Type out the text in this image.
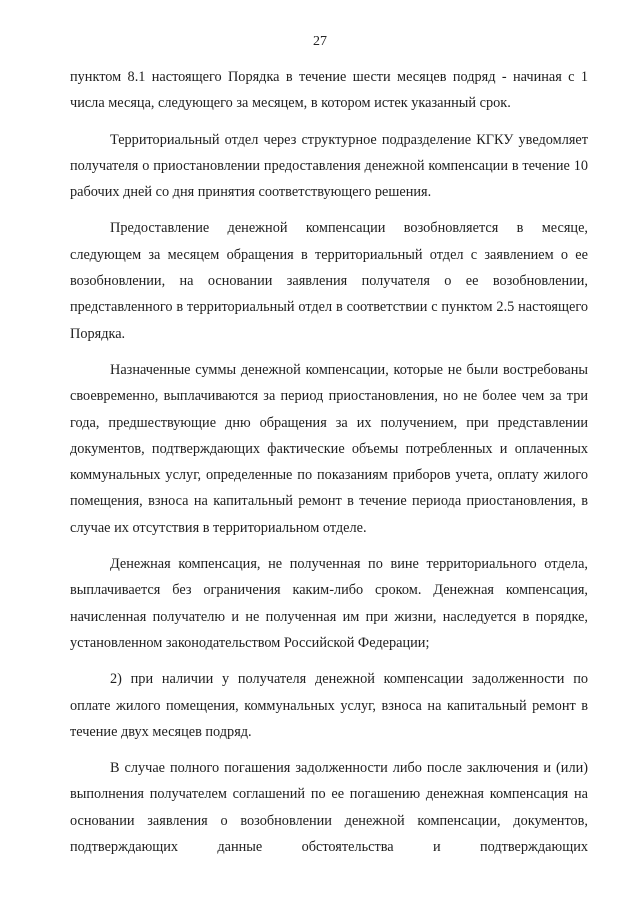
27

пунктом 8.1 настоящего Порядка в течение шести месяцев подряд - начиная с 1 числа месяца, следующего за месяцем, в котором истек указанный срок.

Территориальный отдел через структурное подразделение КГКУ уведомляет получателя о приостановлении предоставления денежной компенсации в течение 10 рабочих дней со дня принятия соответствующего решения.

Предоставление денежной компенсации возобновляется в месяце, следующем за месяцем обращения в территориальный отдел с заявлением о ее возобновлении, на основании заявления получателя о ее возобновлении, представленного в территориальный отдел в соответствии с пунктом 2.5 настоящего Порядка.

Назначенные суммы денежной компенсации, которые не были востребованы своевременно, выплачиваются за период приостановления, но не более чем за три года, предшествующие дню обращения за их получением, при представлении документов, подтверждающих фактические объемы потребленных и оплаченных коммунальных услуг, определенные по показаниям приборов учета, оплату жилого помещения, взноса на капитальный ремонт в течение периода приостановления, в случае их отсутствия в территориальном отделе.

Денежная компенсация, не полученная по вине территориального отдела, выплачивается без ограничения каким-либо сроком. Денежная компенсация, начисленная получателю и не полученная им при жизни, наследуется в порядке, установленном законодательством Российской Федерации;

2) при наличии у получателя денежной компенсации задолженности по оплате жилого помещения, коммунальных услуг, взноса на капитальный ремонт в течение двух месяцев подряд.

В случае полного погашения задолженности либо после заключения и (или) выполнения получателем соглашений по ее погашению денежная компенсация на основании заявления о возобновлении денежной компенсации, документов, подтверждающих данные обстоятельства и подтверждающих
